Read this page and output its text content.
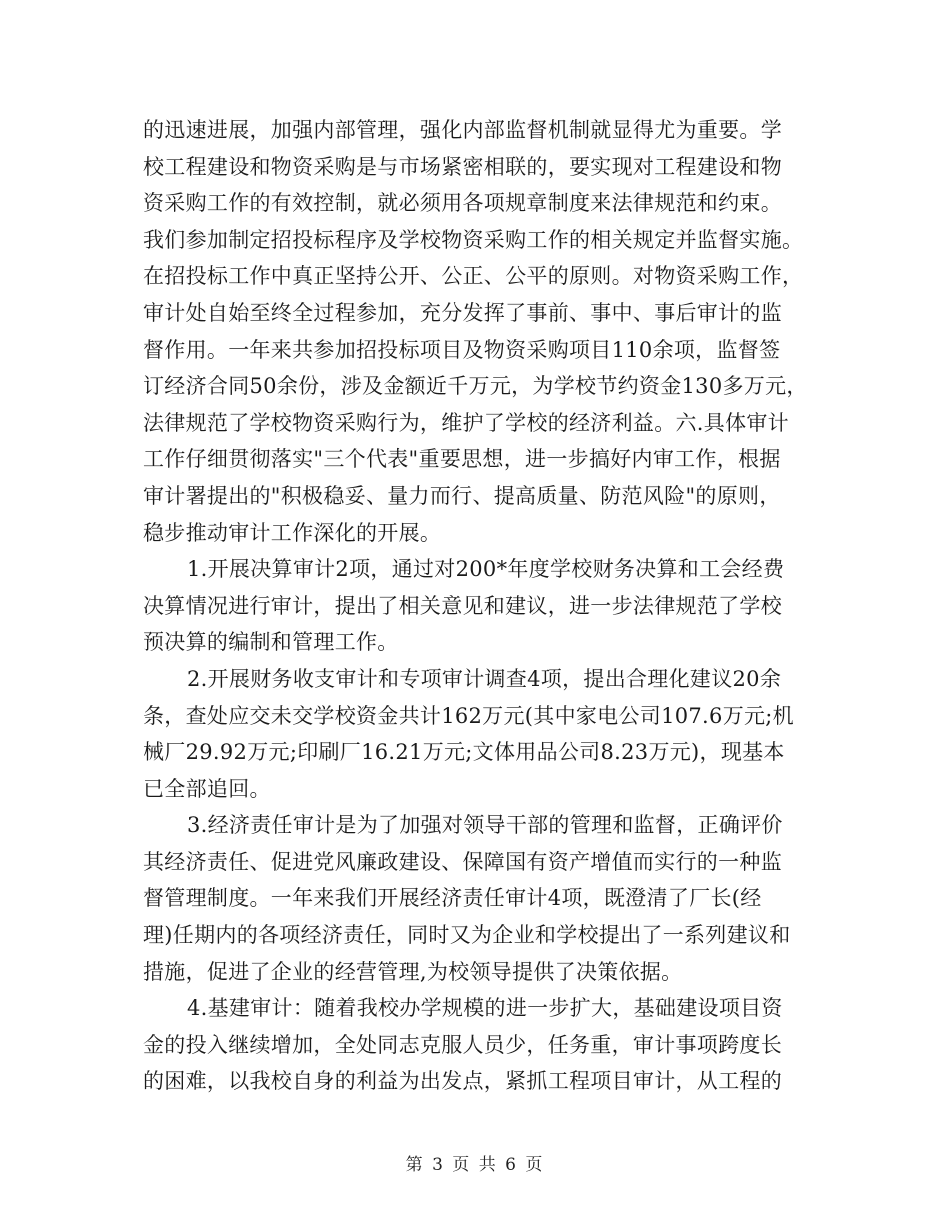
的迅速进展，加强内部管理，强化内部监督机制就显得尤为重要。学
校工程建设和物资采购是与市场紧密相联的，要实现对工程建设和物
资采购工作的有效控制，就必须用各项规章制度来法律规范和约束。
我们参加制定招投标程序及学校物资采购工作的相关规定并监督实施。
在招投标工作中真正坚持公开、公正、公平的原则。对物资采购工作，
审计处自始至终全过程参加，充分发挥了事前、事中、事后审计的监
督作用。一年来共参加招投标项目及物资采购项目110余项，监督签
订经济合同50余份，涉及金额近千万元，为学校节约资金130多万元，
法律规范了学校物资采购行为，维护了学校的经济利益。六.具体审计
工作仔细贯彻落实"三个代表"重要思想，进一步搞好内审工作，根据
审计署提出的"积极稳妥、量力而行、提高质量、防范风险"的原则，
稳步推动审计工作深化的开展。
1.开展决算审计2项，通过对200*年度学校财务决算和工会经费
决算情况进行审计，提出了相关意见和建议，进一步法律规范了学校
预决算的编制和管理工作。
2.开展财务收支审计和专项审计调查4项，提出合理化建议20余
条，查处应交未交学校资金共计162万元(其中家电公司107.6万元;机
械厂29.92万元;印刷厂16.21万元;文体用品公司8.23万元)，现基本
已全部追回。
3.经济责任审计是为了加强对领导干部的管理和监督，正确评价
其经济责任、促进党风廉政建设、保障国有资产增值而实行的一种监
督管理制度。一年来我们开展经济责任审计4项，既澄清了厂长(经
理)任期内的各项经济责任，同时又为企业和学校提出了一系列建议和
措施，促进了企业的经营管理,为校领导提供了决策依据。
4.基建审计：随着我校办学规模的进一步扩大，基础建设项目资
金的投入继续增加，全处同志克服人员少，任务重，审计事项跨度长
的困难，以我校自身的利益为出发点，紧抓工程项目审计，从工程的
第 3 页 共 6 页
